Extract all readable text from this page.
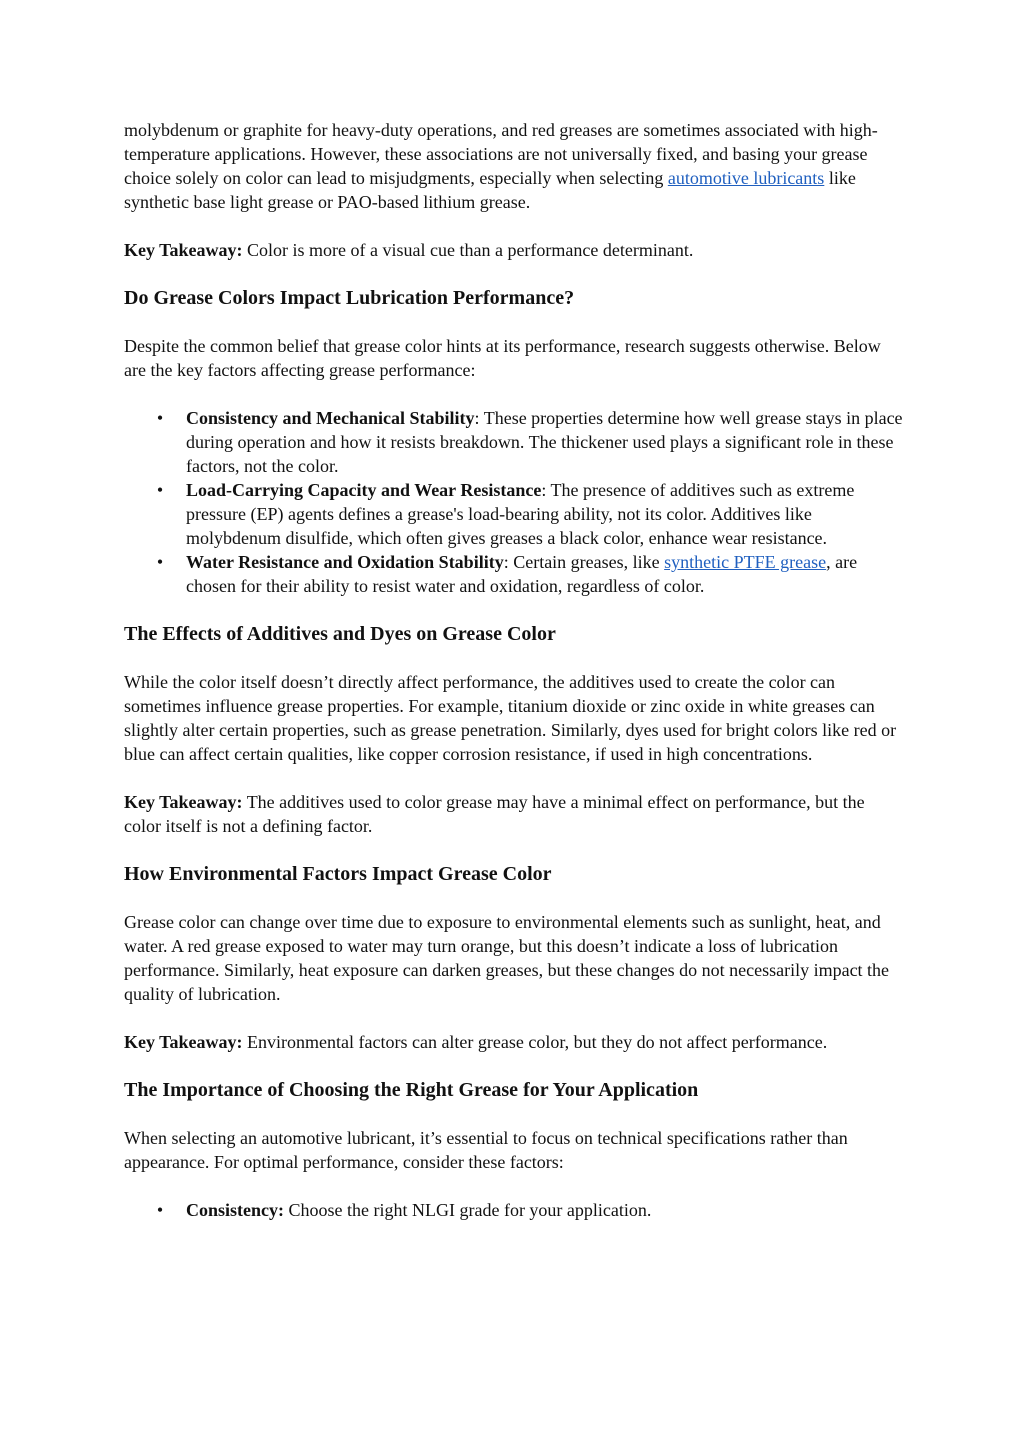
molybdenum or graphite for heavy-duty operations, and red greases are sometimes associated with high-temperature applications. However, these associations are not universally fixed, and basing your grease choice solely on color can lead to misjudgments, especially when selecting automotive lubricants like synthetic base light grease or PAO-based lithium grease.

Key Takeaway: Color is more of a visual cue than a performance determinant.

Do Grease Colors Impact Lubrication Performance?

Despite the common belief that grease color hints at its performance, research suggests otherwise. Below are the key factors affecting grease performance:

• Consistency and Mechanical Stability: These properties determine how well grease stays in place during operation and how it resists breakdown. The thickener used plays a significant role in these factors, not the color.
• Load-Carrying Capacity and Wear Resistance: The presence of additives such as extreme pressure (EP) agents defines a grease's load-bearing ability, not its color. Additives like molybdenum disulfide, which often gives greases a black color, enhance wear resistance.
• Water Resistance and Oxidation Stability: Certain greases, like synthetic PTFE grease, are chosen for their ability to resist water and oxidation, regardless of color.
The Effects of Additives and Dyes on Grease Color

While the color itself doesn’t directly affect performance, the additives used to create the color can sometimes influence grease properties. For example, titanium dioxide or zinc oxide in white greases can slightly alter certain properties, such as grease penetration. Similarly, dyes used for bright colors like red or blue can affect certain qualities, like copper corrosion resistance, if used in high concentrations.

Key Takeaway: The additives used to color grease may have a minimal effect on performance, but the color itself is not a defining factor.

How Environmental Factors Impact Grease Color

Grease color can change over time due to exposure to environmental elements such as sunlight, heat, and water. A red grease exposed to water may turn orange, but this doesn’t indicate a loss of lubrication performance. Similarly, heat exposure can darken greases, but these changes do not necessarily impact the quality of lubrication.

Key Takeaway: Environmental factors can alter grease color, but they do not affect performance.

The Importance of Choosing the Right Grease for Your Application

When selecting an automotive lubricant, it’s essential to focus on technical specifications rather than appearance. For optimal performance, consider these factors:

• Consistency: Choose the right NLGI grade for your application.
